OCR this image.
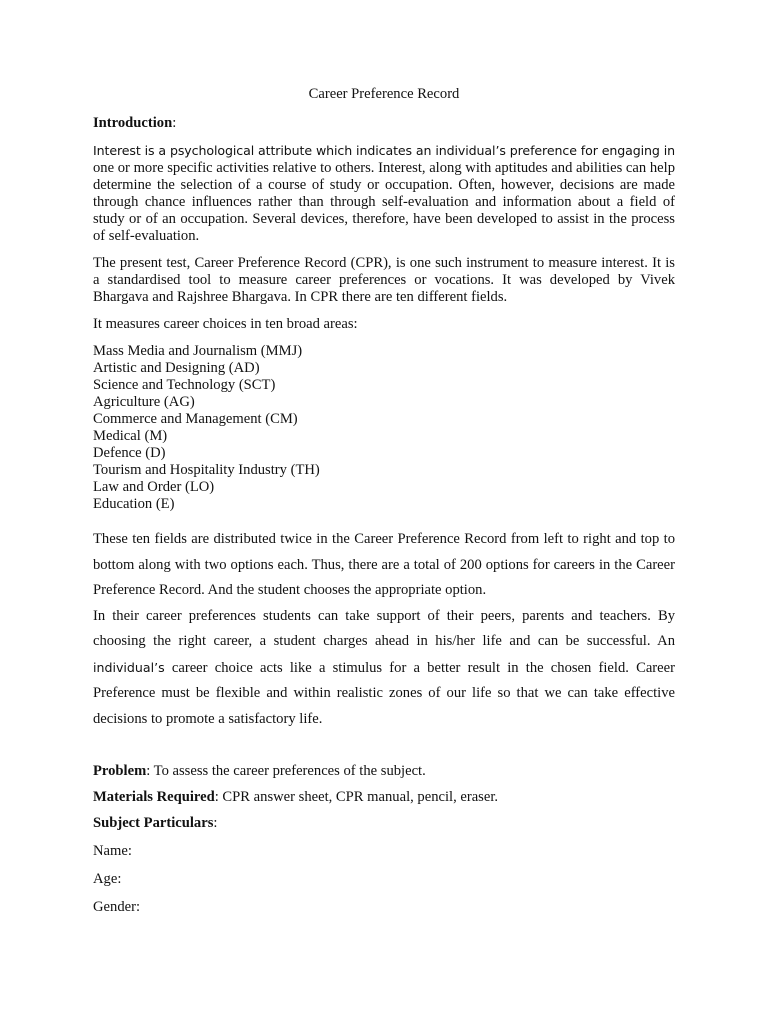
Career Preference Record
Introduction:

Interest is a psychological attribute which indicates an individual’s preference for engaging in one or more specific activities relative to others. Interest, along with aptitudes and abilities can help determine the selection of a course of study or occupation. Often, however, decisions are made through chance influences rather than through self-evaluation and information about a field of study or of an occupation. Several devices, therefore, have been developed to assist in the process of self-evaluation.

The present test, Career Preference Record (CPR), is one such instrument to measure interest. It is a standardised tool to measure career preferences or vocations. It was developed by Vivek Bhargava and Rajshree Bhargava. In CPR there are ten different fields.

It measures career choices in ten broad areas:

Mass Media and Journalism (MMJ)
Artistic and Designing (AD)
Science and Technology (SCT)
Agriculture (AG)
Commerce and Management (CM)
Medical (M)
Defence (D)
Tourism and Hospitality Industry (TH)
Law and Order (LO)
Education (E)

These ten fields are distributed twice in the Career Preference Record from left to right and top to bottom along with two options each. Thus, there are a total of 200 options for careers in the Career Preference Record. And the student chooses the appropriate option.

In their career preferences students can take support of their peers, parents and teachers. By choosing the right career, a student charges ahead in his/her life and can be successful. An individual’s career choice acts like a stimulus for a better result in the chosen field. Career Preference must be flexible and within realistic zones of our life so that we can take effective decisions to promote a satisfactory life.

Problem: To assess the career preferences of the subject.
Materials Required: CPR answer sheet, CPR manual, pencil, eraser.
Subject Particulars:
Name:
Age:
Gender:
